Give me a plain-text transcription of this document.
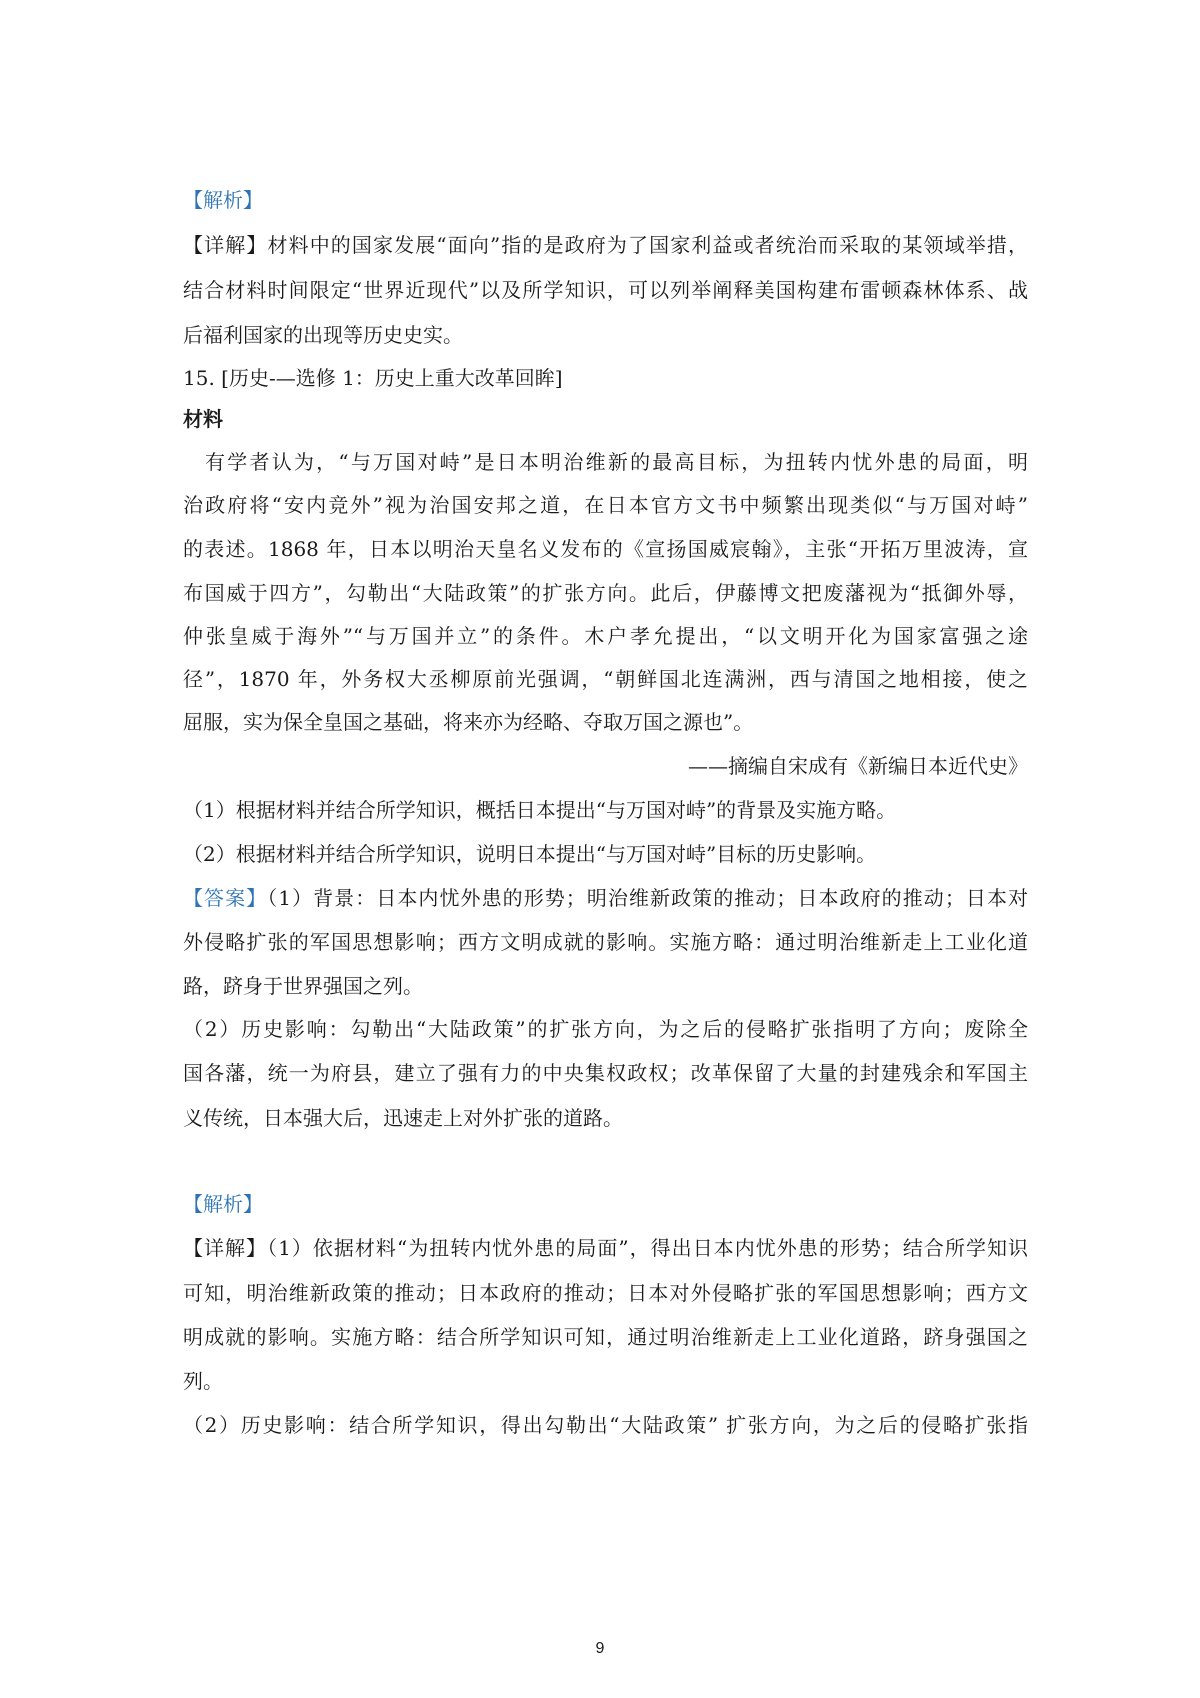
【解析】
【详解】材料中的国家发展“面向”指的是政府为了国家利益或者统治而采取的某领域举措，
结合材料时间限定“世界近现代”以及所学知识，可以列举阐释美国构建布雷顿森林体系、战
后福利国家的出现等历史史实。
15. [历史-—选修 1：历史上重大改革回眸]
材料
有学者认为，“与万国对峙”是日本明治维新的最高目标，为扭转内忧外患的局面，明
治政府将“安内竞外”视为治国安邦之道，在日本官方文书中频繁出现类似“与万国对峙”
的表述。1868 年，日本以明治天皇名义发布的《宣扬国威宸翰》，主张“开拓万里波涛，宣
布国威于四方”，勾勒出“大陆政策”的扩张方向。此后，伊藤博文把废藩视为“抵御外辱，
仲张皇威于海外”“与万国并立”的条件。木户孝允提出，“以文明开化为国家富强之途
径”，1870 年，外务权大丞柳原前光强调，“朝鲜国北连满洲，西与清国之地相接，使之
屈服，实为保全皇国之基础，将来亦为经略、夺取万国之源也”。
——摘编自宋成有《新编日本近代史》
（1）根据材料并结合所学知识，概括日本提出“与万国对峙”的背景及实施方略。
（2）根据材料并结合所学知识，说明日本提出“与万国对峙”目标的历史影响。
【答案】（1）背景：日本内忧外患的形势；明治维新政策的推动；日本政府的推动；日本对
外侵略扩张的军国思想影响；西方文明成就的影响。实施方略：通过明治维新走上工业化道
路，跻身于世界强国之列。
（2）历史影响：勾勒出“大陆政策”的扩张方向，为之后的侵略扩张指明了方向；废除全
国各藩，统一为府县，建立了强有力的中央集权政权；改革保留了大量的封建残余和军国主
义传统，日本强大后，迅速走上对外扩张的道路。
【解析】
【详解】（1）依据材料“为扭转内忧外患的局面”，得出日本内忧外患的形势；结合所学知识
可知，明治维新政策的推动；日本政府的推动；日本对外侵略扩张的军国思想影响；西方文
明成就的影响。实施方略：结合所学知识可知，通过明治维新走上工业化道路，跻身强国之
列。
（2）历史影响：结合所学知识，得出勾勒出“大陆政策” 扩张方向，为之后的侵略扩张指
9
